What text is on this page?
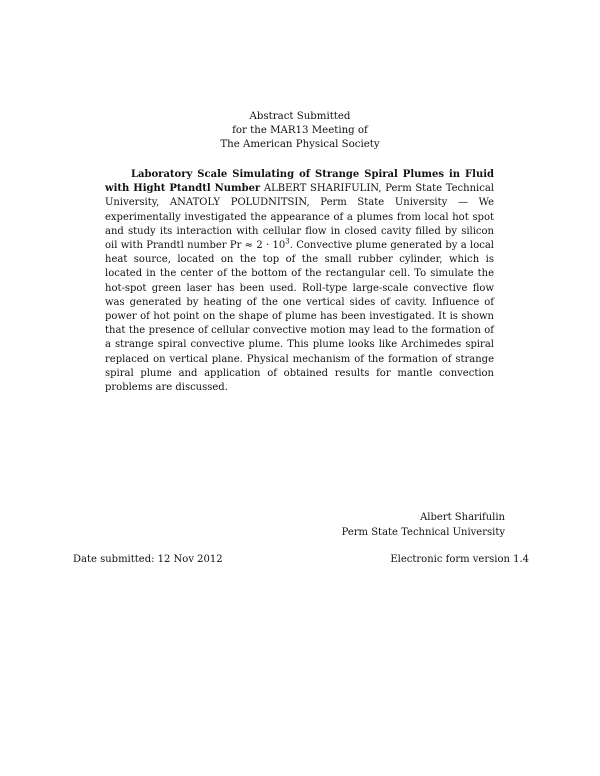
Abstract Submitted
for the MAR13 Meeting of
The American Physical Society
Laboratory Scale Simulating of Strange Spiral Plumes in Fluid with Hight Ptandtl Number ALBERT SHARIFULIN, Perm State Technical University, ANATOLY POLUDNITSIN, Perm State University — We experimentally investigated the appearance of a plumes from local hot spot and study its interaction with cellular flow in closed cavity filled by silicon oil with Prandtl number $Pr \approx 2 \cdot 10^3$. Convective plume generated by a local heat source, located on the top of the small rubber cylinder, which is located in the center of the bottom of the rectangular cell. To simulate the hot-spot green laser has been used. Roll-type large-scale convective flow was generated by heating of the one vertical sides of cavity. Influence of power of hot point on the shape of plume has been investigated. It is shown that the presence of cellular convective motion may lead to the formation of a strange spiral convective plume. This plume looks like Archimedes spiral replaced on vertical plane. Physical mechanism of the formation of strange spiral plume and application of obtained results for mantle convection problems are discussed.
Albert Sharifulin
Perm State Technical University
Date submitted: 12 Nov 2012	Electronic form version 1.4
